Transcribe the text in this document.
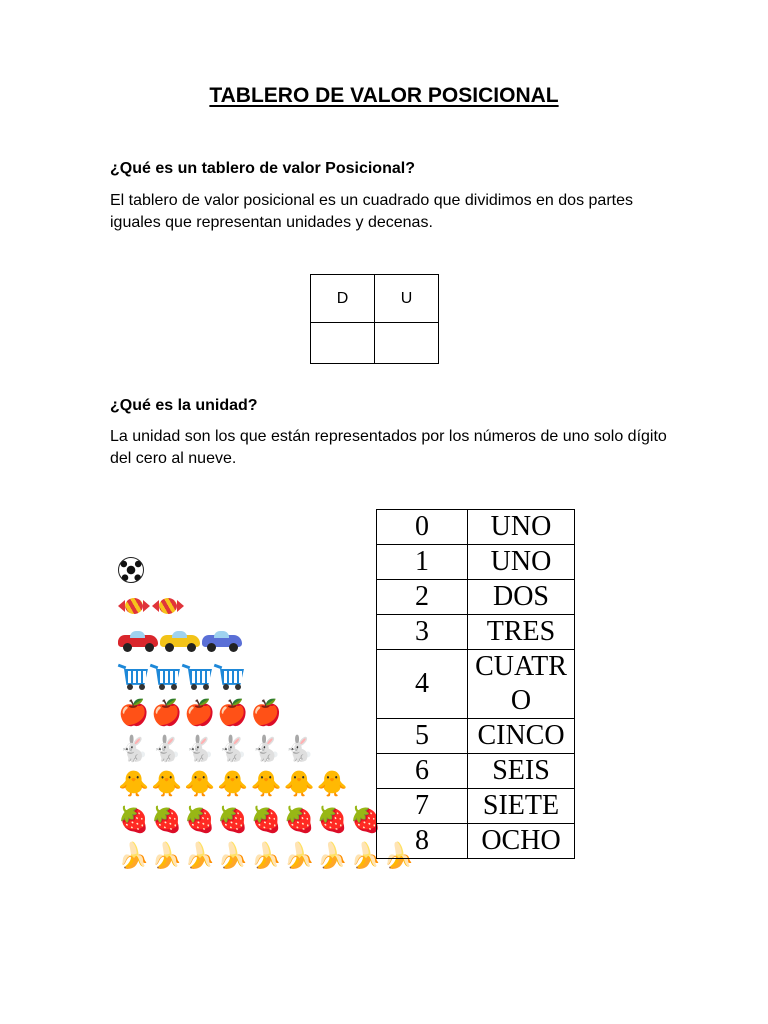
TABLERO DE VALOR POSICIONAL
¿Qué es un tablero de valor Posicional?
El tablero de valor posicional es un cuadrado que dividimos en dos partes iguales que representan unidades y decenas.
D	U

¿Qué es la unidad?
La unidad son los que están representados por los números de uno solo dígito del cero al nueve.
🍎 🍎 🍎 🍎 🍎
🐇 🐇 🐇 🐇 🐇 🐇
🐥 🐥 🐥 🐥 🐥 🐥 🐥
🍓 🍓 🍓 🍓 🍓 🍓 🍓 🍓
🍌 🍌 🍌 🍌 🍌 🍌 🍌 🍌 🍌
0	UNO
1	UNO
2	DOS
3	TRES
4	CUATRO
5	CINCO
6	SEIS
7	SIETE
8	OCHO
